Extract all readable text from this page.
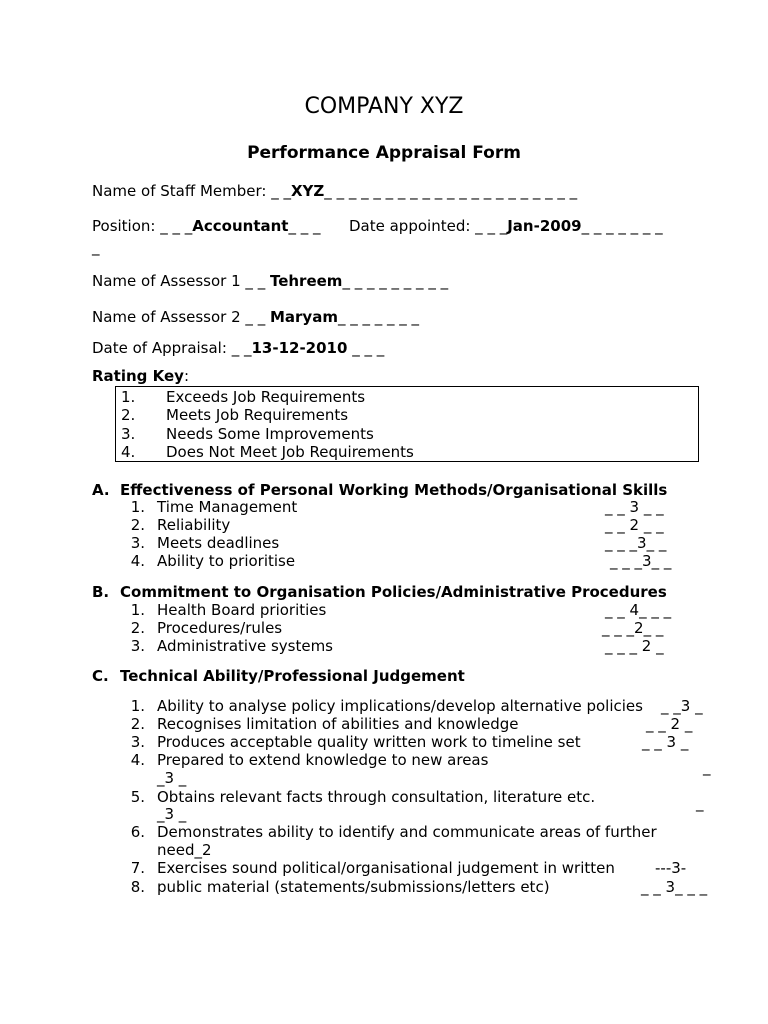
COMPANY XYZ
Performance Appraisal Form
Name of Staff Member: _ _XYZ_ _ _ _ _ _ _ _ _ _ _ _ _ _ _ _ _ _ _ _ _
Position: _ _ _Accountant_ _ _ Date appointed: _ _ _Jan-2009_ _ _ _ _ _ _
_
Name of Assessor 1 _ _ Tehreem_ _ _ _ _ _ _ _ _
Name of Assessor 2 _ _ Maryam_ _ _ _ _ _ _
Date of Appraisal: _ _13-12-2010 _ _ _
Rating Key:
1. Exceeds Job Requirements
2. Meets Job Requirements
3. Needs Some Improvements
4. Does Not Meet Job Requirements
A. Effectiveness of Personal Working Methods/Organisational Skills
1. Time Management	_ _ 3 _ _
2. Reliability	_ _ 2 _ _
3. Meets deadlines	_ _ _3_ _
4. Ability to prioritise	_ _ _3_ _
B. Commitment to Organisation Policies/Administrative Procedures
1. Health Board priorities	_ _ 4_ _ _
2. Procedures/rules	_ _ _2_ _
3. Administrative systems	_ _ _ 2 _
C. Technical Ability/Professional Judgement
1. Ability to analyse policy implications/develop alternative policies _ _3 _
2. Recognises limitation of abilities and knowledge	_ _ 2 _
3. Produces acceptable quality written work to timeline set	_ _ 3 _
4. Prepared to extend knowledge to new areas	_
_3 _
5. Obtains relevant facts through consultation, literature etc.	_
_3 _
6. Demonstrates ability to identify and communicate areas of further
need_2
7. Exercises sound political/organisational judgement in written	---3-
8. public material (statements/submissions/letters etc)	_ _ 3_ _ _
